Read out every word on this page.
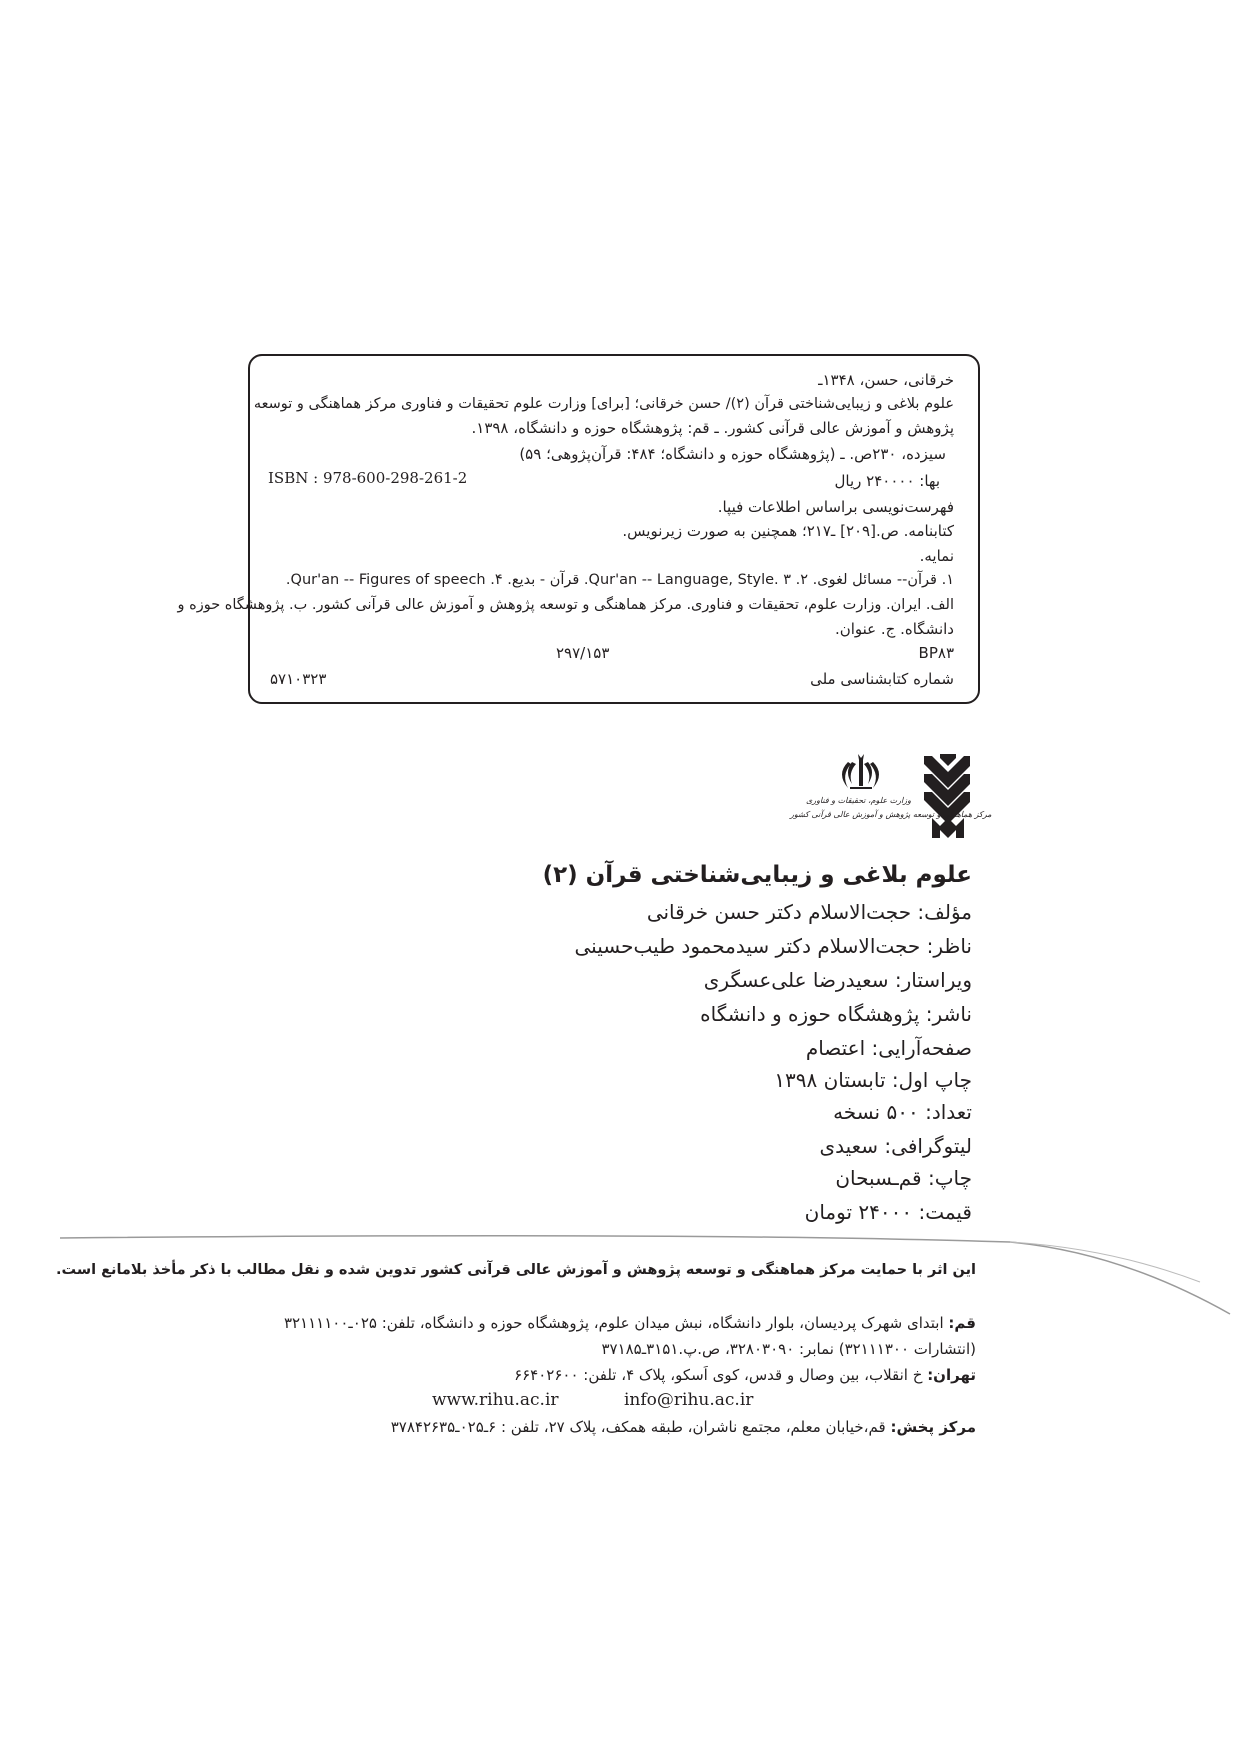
خرقانی، حسن، ۱۳۴۸ـ
علوم بلاغی و زیبایی‌شناختی قرآن (۲)/ حسن خرقانی؛ [برای] وزارت علوم تحقیقات و فناوری مرکز هماهنگی و توسعه
پژوهش و آموزش عالی قرآنی کشور. ـ قم: پژوهشگاه حوزه و دانشگاه، ۱۳۹۸.
سیزده، ۲۳۰ص. ـ (پژوهشگاه حوزه و دانشگاه؛ ۴۸۴: قرآن‌پژوهی؛ ۵۹)
ISBN : 978-600-298-261-2	بها: ۲۴۰۰۰۰ ریال
فهرست‌نویسی براساس اطلاعات فیپا.
کتابنامه. ص.[۲۰۹] ـ۲۱۷؛ همچنین به صورت زیرنویس.
نمایه.
۱. قرآن-- مسائل لغوی. ۲. Qur'an -- Language, Style. ۳. قرآن - بدیع. ۴. Qur'an -- Figures of speech.
الف. ایران. وزارت علوم، تحقیقات و فناوری. مرکز هماهنگی و توسعه پژوهش و آموزش عالی قرآنی کشور. ب. پژوهشگاه حوزه و
دانشگاه. ج. عنوان.
BP۸۳
۲۹۷/۱۵۳
شماره کتابشناسی ملی
۵۷۱۰۳۲۳
وزارت علوم، تحقیقات و فناوری
مرکز هماهنگی و توسعه پژوهش و آموزش عالی قرآنی کشور
علوم بلاغی و زیبایی‌شناختی قرآن (۲)
مؤلف: حجت‌الاسلام دکتر حسن خرقانی
ناظر: حجت‌الاسلام دکتر سیدمحمود طیب‌حسینی
ویراستار: سعیدرضا علی‌عسگری
ناشر: پژوهشگاه حوزه و دانشگاه
صفحه‌آرایی: اعتصام
چاپ اول: تابستان ۱۳۹۸
تعداد: ۵۰۰ نسخه
لیتوگرافی: سعیدی
چاپ: قم‌ـسبحان
قیمت: ۲۴۰۰۰ تومان
این اثر با حمایت مرکز هماهنگی و توسعه پژوهش و آموزش عالی قرآنی کشور تدوین شده و نقل مطالب با ذکر مأخذ بلامانع است.
قم: ابتدای شهرک پردیسان، بلوار دانشگاه، نبش میدان علوم، پژوهشگاه حوزه و دانشگاه، تلفن: ۰۲۵ـ۳۲۱۱۱۱۰۰
(انتشارات ۳۲۱۱۱۳۰۰) نمابر: ۳۲۸۰۳۰۹۰، ص.پ.۳۱۵۱ـ۳۷۱۸۵
تهران: خ انقلاب، بین وصال و قدس، کوی اَسکو، پلاک ۴، تلفن: ۶۶۴۰۲۶۰۰
www.rihu.ac.ir	info@rihu.ac.ir
مرکز پخش: قم،خیابان معلم، مجتمع ناشران، طبقه همکف، پلاک ۲۷، تلفن : ۶ـ۰۲۵ـ۳۷۸۴۲۶۳۵
